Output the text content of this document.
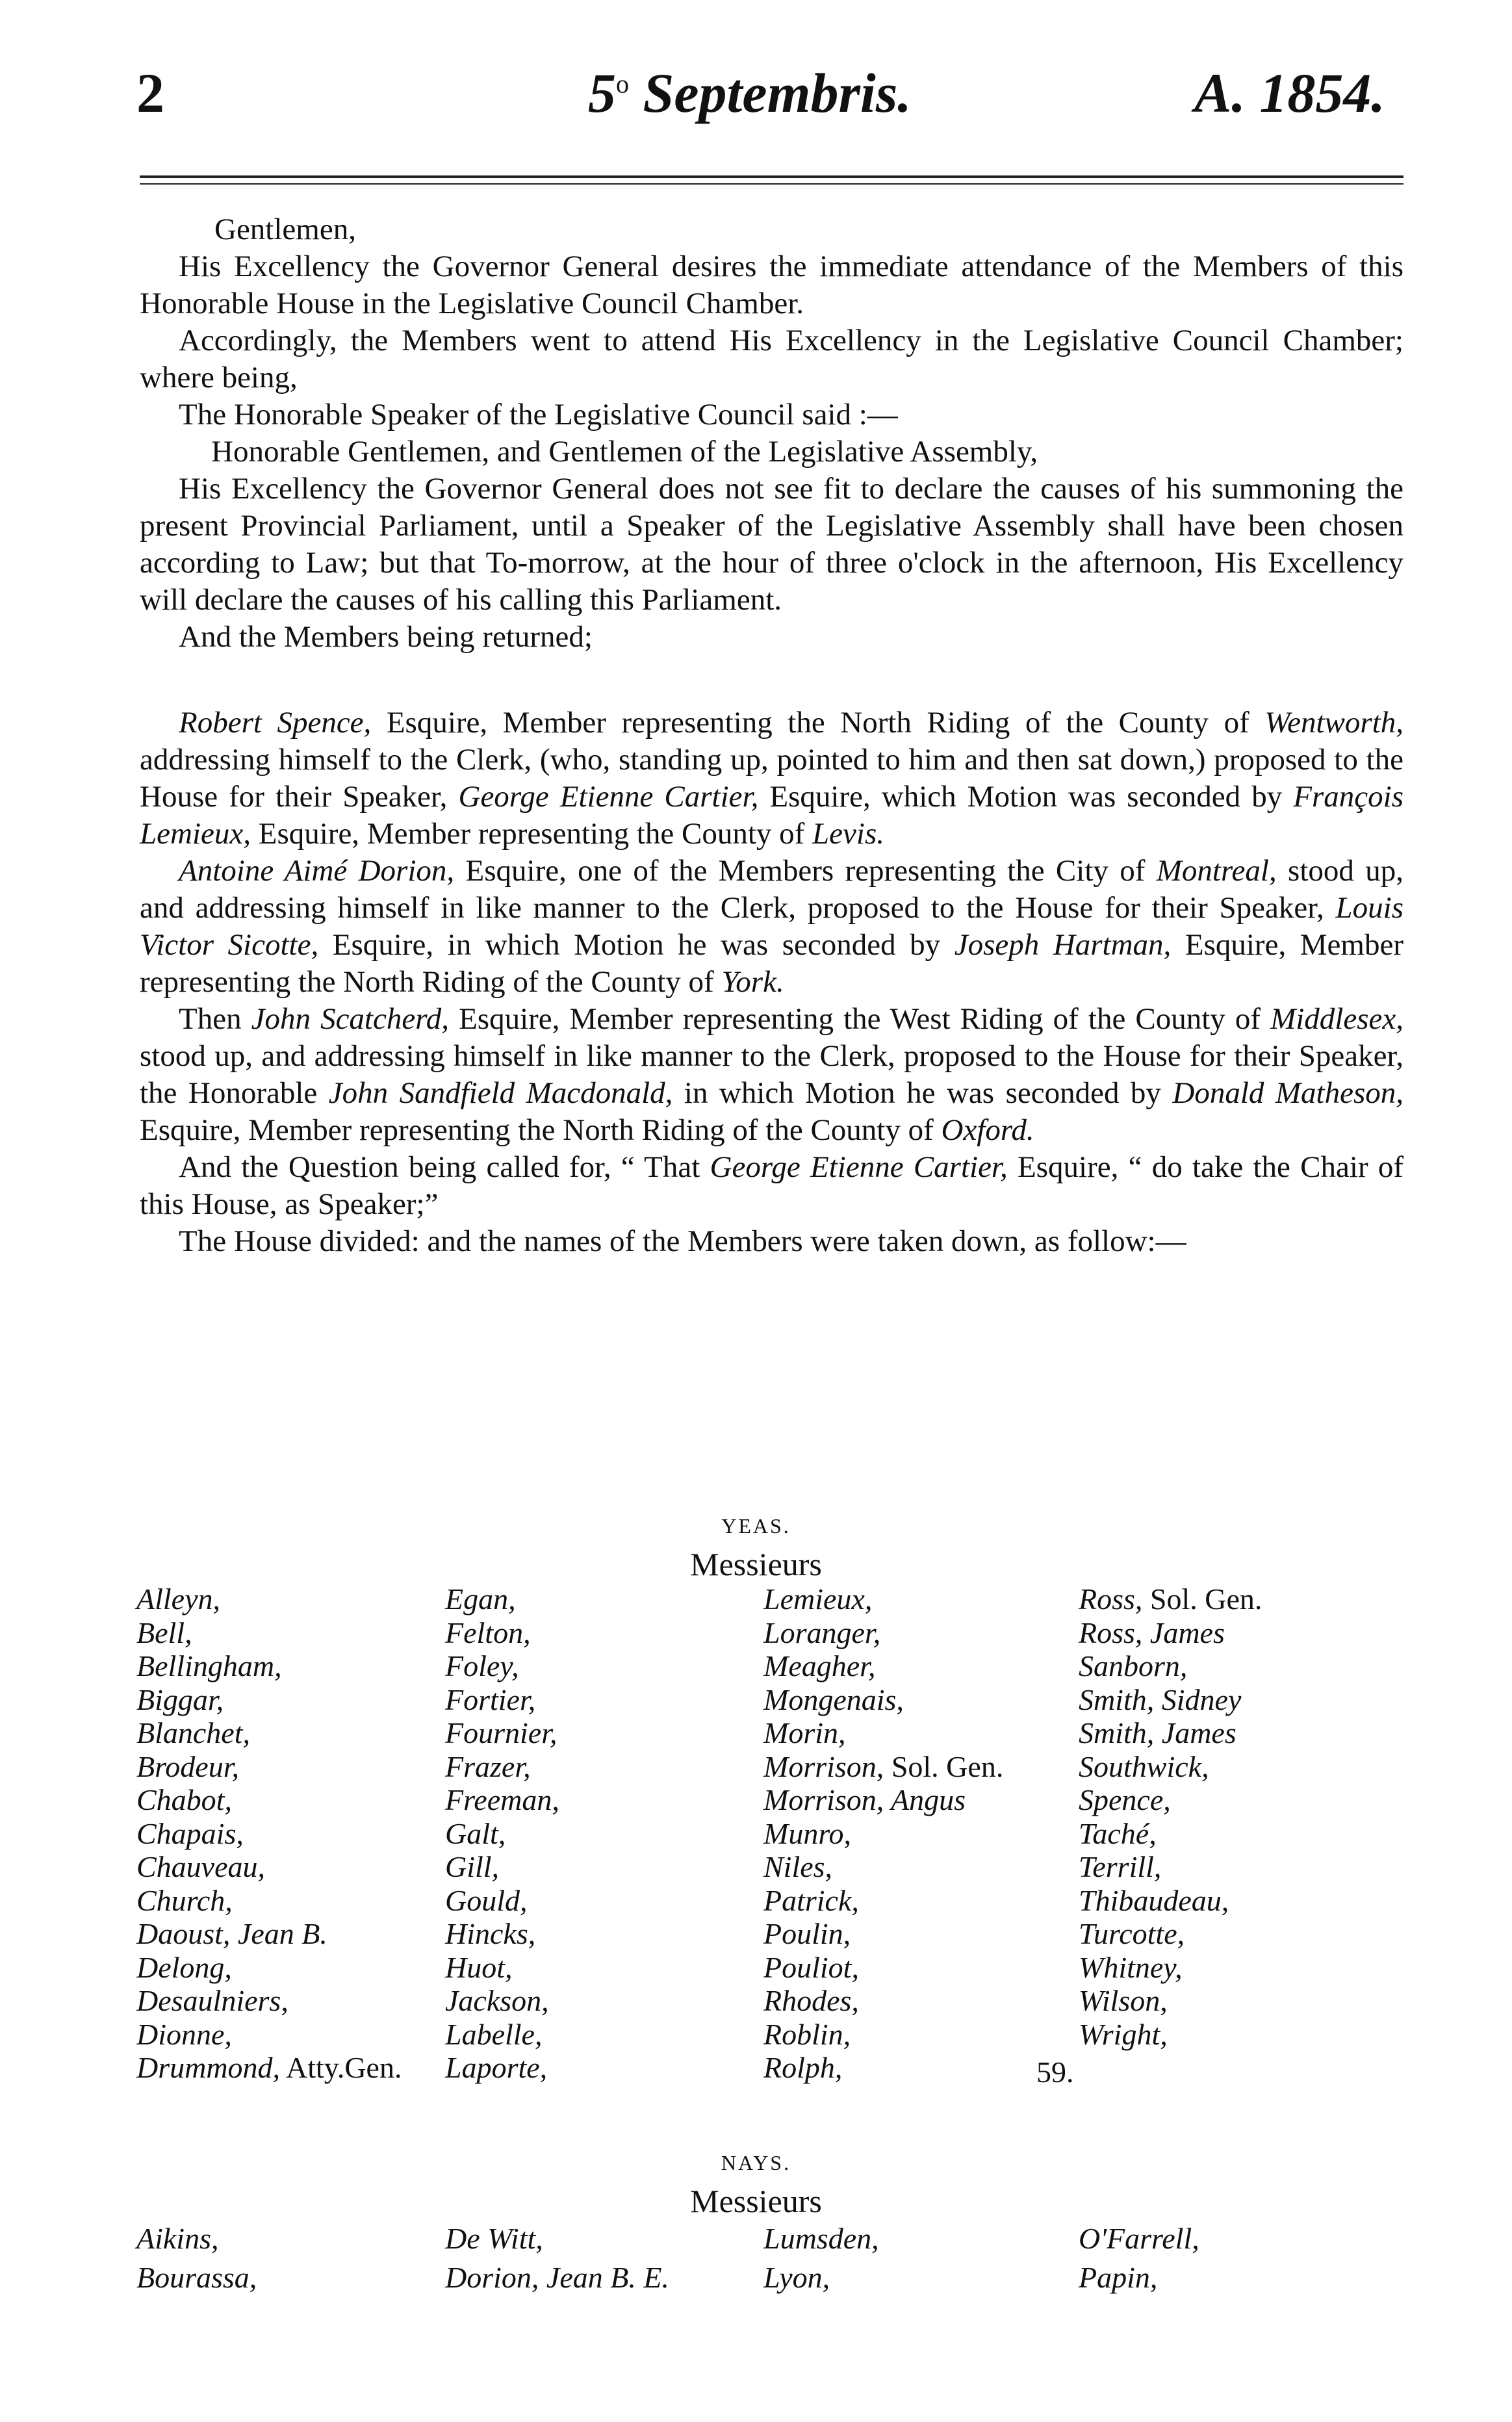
2	5$^o$ Septembris.	A. 1854.

Gentlemen,

His Excellency the Governor General desires the immediate attendance of the Members of this Honorable House in the Legislative Council Chamber.

Accordingly, the Members went to attend His Excellency in the Legislative Council Chamber; where being,

The Honorable Speaker of the Legislative Council said :—

Honorable Gentlemen, and Gentlemen of the Legislative Assembly,

His Excellency the Governor General does not see fit to declare the causes of his summoning the present Provincial Parliament, until a Speaker of the Legislative Assembly shall have been chosen according to Law; but that To-morrow, at the hour of three o'clock in the afternoon, His Excellency will declare the causes of his calling this Parliament.

And the Members being returned;

Robert Spence, Esquire, Member representing the North Riding of the County of Wentworth, addressing himself to the Clerk, (who, standing up, pointed to him and then sat down,) proposed to the House for their Speaker, George Etienne Cartier, Esquire, which Motion was seconded by François Lemieux, Esquire, Member representing the County of Levis.

Antoine Aimé Dorion, Esquire, one of the Members representing the City of Montreal, stood up, and addressing himself in like manner to the Clerk, proposed to the House for their Speaker, Louis Victor Sicotte, Esquire, in which Motion he was seconded by Joseph Hartman, Esquire, Member representing the North Riding of the County of York.

Then John Scatcherd, Esquire, Member representing the West Riding of the County of Middlesex, stood up, and addressing himself in like manner to the Clerk, proposed to the House for their Speaker, the Honorable John Sandfield Macdonald, in which Motion he was seconded by Donald Matheson, Esquire, Member representing the North Riding of the County of Oxford.

And the Question being called for, “ That George Etienne Cartier, Esquire, “ do take the Chair of this House, as Speaker;”

The House divided: and the names of the Members were taken down, as follow:—

YEAS.
Messieurs
Alleyn,
Bell,
Bellingham,
Biggar,
Blanchet,
Brodeur,
Chabot,
Chapais,
Chauveau,
Church,
Daoust, Jean B.
Delong,
Desaulniers,
Dionne,
Drummond, Atty.Gen.
Egan,
Felton,
Foley,
Fortier,
Fournier,
Frazer,
Freeman,
Galt,
Gill,
Gould,
Hincks,
Huot,
Jackson,
Labelle,
Laporte,
Lemieux,
Loranger,
Meagher,
Mongenais,
Morin,
Morrison, Sol. Gen.
Morrison, Angus
Munro,
Niles,
Patrick,
Poulin,
Pouliot,
Rhodes,
Roblin,
Rolph,
Ross, Sol. Gen.
Ross, James
Sanborn,
Smith, Sidney
Smith, James
Southwick,
Spence,
Taché,
Terrill,
Thibaudeau,
Turcotte,
Whitney,
Wilson,
Wright,
59.
NAYS.
Messieurs
Aikins,
Bourassa,
De Witt,
Dorion, Jean B. E.
Lumsden,
Lyon,
O'Farrell,
Papin,
